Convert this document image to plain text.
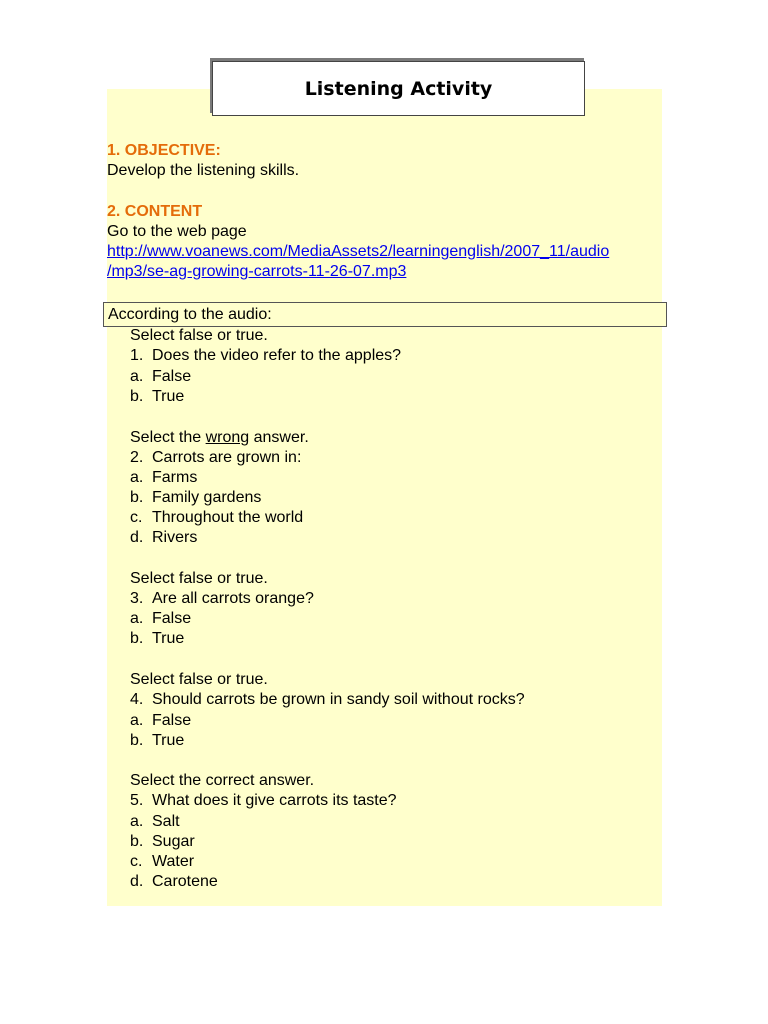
Listening Activity
1. OBJECTIVE:
Develop the listening skills.
2. CONTENT
Go to the web page
http://www.voanews.com/MediaAssets2/learningenglish/2007_11/audio
/mp3/se-ag-growing-carrots-11-26-07.mp3
According to the audio:
Select false or true.
1. Does the video refer to the apples?
a. False
b. True
Select the wrong answer.
2. Carrots are grown in:
a. Farms
b. Family gardens
c. Throughout the world
d. Rivers
Select false or true.
3. Are all carrots orange?
a. False
b. True
Select false or true.
4. Should carrots be grown in sandy soil without rocks?
a. False
b. True
Select the correct answer.
5. What does it give carrots its taste?
a. Salt
b. Sugar
c. Water
d. Carotene
